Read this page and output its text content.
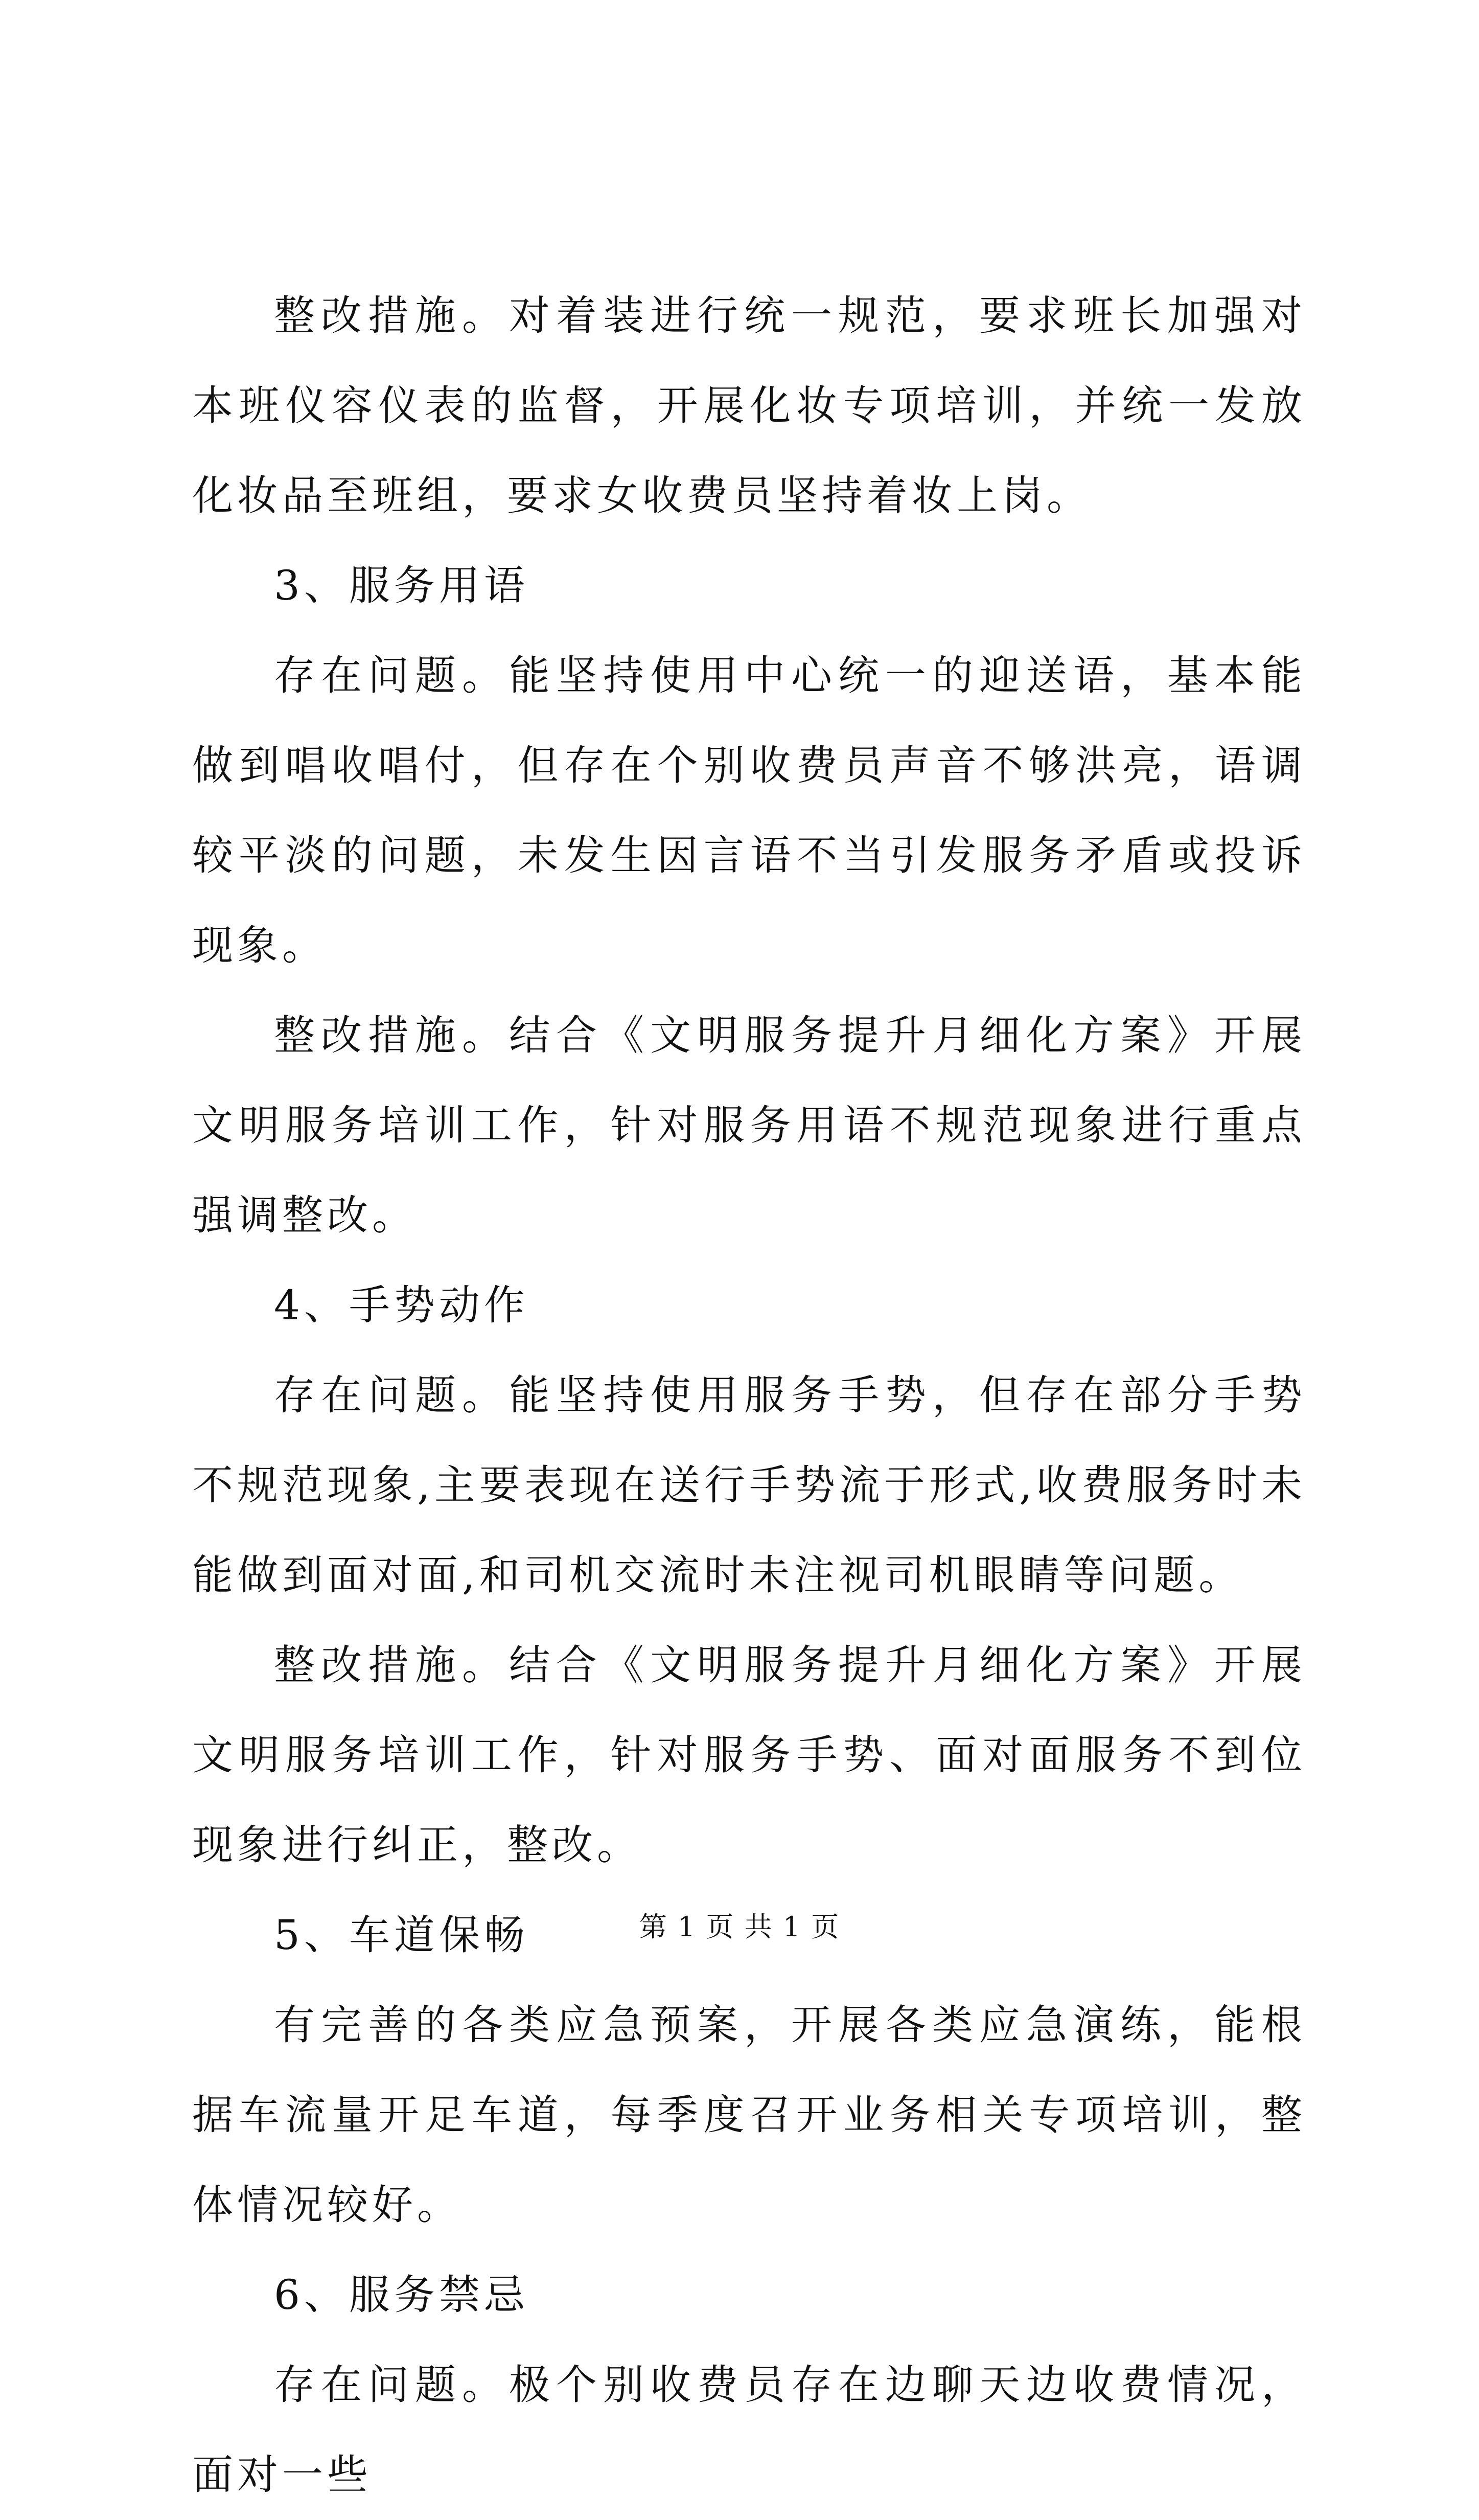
整改措施。对着装进行统一规范，要求班长加强对本班仪容仪表的监督，开展化妆专项培训，并统一发放化妆品至班组，要求女收费员坚持着妆上岗。

3、服务用语

存在问题。能坚持使用中心统一的迎送语，基本能做到唱收唱付，但存在个别收费员声音不够洪亮，语调较平淡的问题，未发生因言语不当引发服务矛盾或投诉现象。

整改措施。结合《文明服务提升月细化方案》开展文明服务培训工作，针对服务用语不规范现象进行重点强调整改。

4、手势动作

存在问题。能坚持使用服务手势，但存在部分手势不规范现象,主要表现在送行手势流于形式,收费服务时未能做到面对面,和司机交流时未注视司机眼睛等问题。

整改措施。结合《文明服务提升月细化方案》开展文明服务培训工作，针对服务手势、面对面服务不到位现象进行纠正，整改。

5、车道保畅

有完善的各类应急预案，开展各类应急演练，能根据车流量开足车道，每季度召开业务相关专项培训，整体情况较好。

6、服务禁忌

存在问题。极个别收费员存在边聊天边收费情况，面对一些

第 1 页 共 1 页
